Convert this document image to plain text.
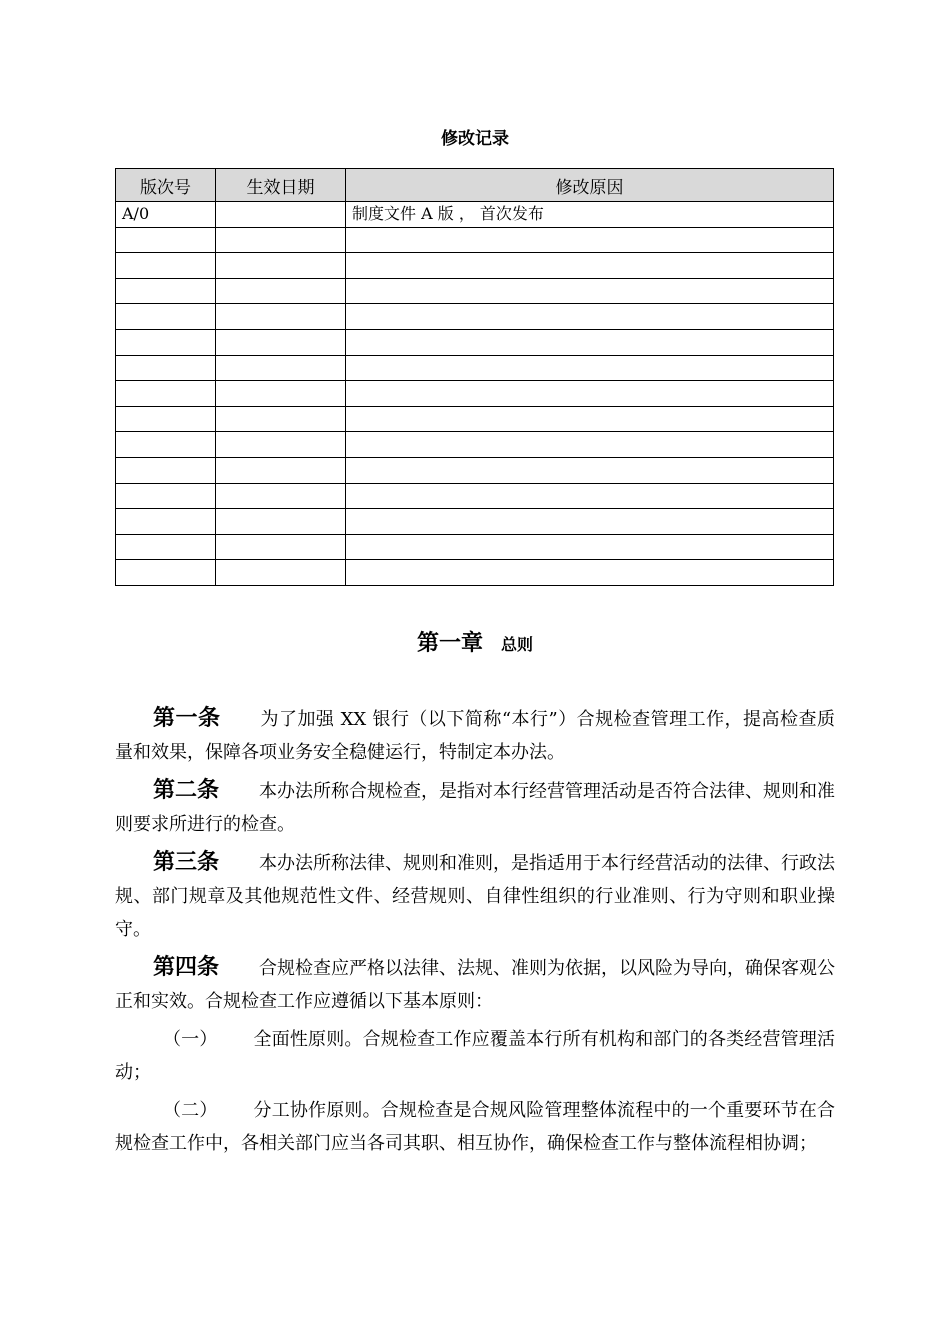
修改记录
版次号	生效日期	修改原因
A/0		制度文件 A 版 ， 首次发布

第一章 总则

第一条 为了加强 XX 银行（以下简称“本行”）合规检查管理工作，提高检查质量和效果，保障各项业务安全稳健运行，特制定本办法。

第二条 本办法所称合规检查，是指对本行经营管理活动是否符合法律、规则和准则要求所进行的检查。

第三条 本办法所称法律、规则和准则，是指适用于本行经营活动的法律、行政法规、部门规章及其他规范性文件、经营规则、自律性组织的行业准则、行为守则和职业操守。

第四条 合规检查应严格以法律、法规、准则为依据，以风险为导向，确保客观公正和实效。合规检查工作应遵循以下基本原则：

（一） 全面性原则。合规检查工作应覆盖本行所有机构和部门的各类经营管理活动；

（二） 分工协作原则。合规检查是合规风险管理整体流程中的一个重要环节在合规检查工作中，各相关部门应当各司其职、相互协作，确保检查工作与整体流程相协调；
